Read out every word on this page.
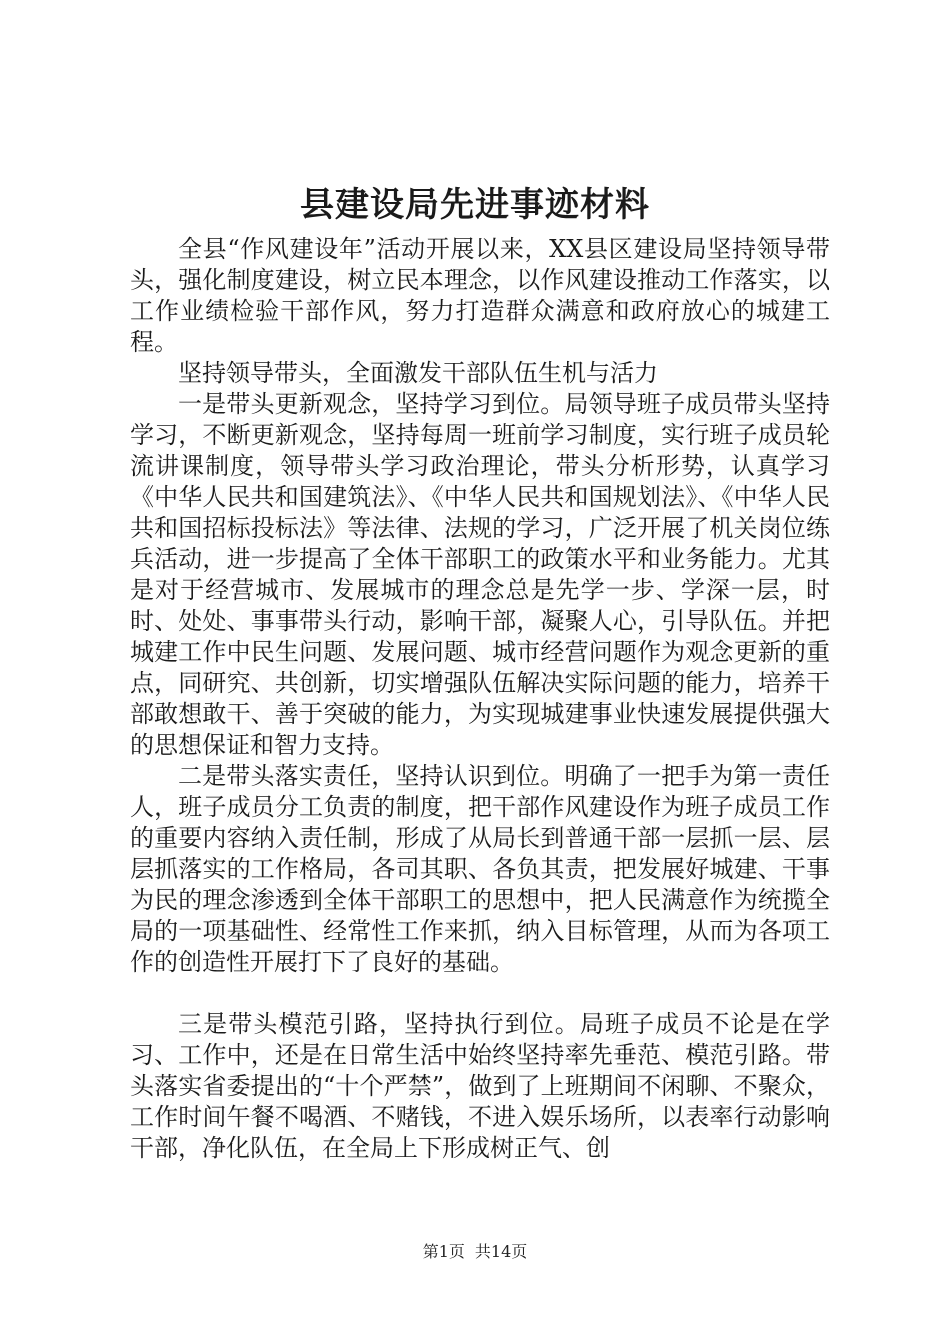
县建设局先进事迹材料

全县“作风建设年”活动开展以来，XX县区建设局坚持领导带头，强化制度建设，树立民本理念，以作风建设推动工作落实，以工作业绩检验干部作风，努力打造群众满意和政府放心的城建工程。

坚持领导带头，全面激发干部队伍生机与活力

一是带头更新观念，坚持学习到位。局领导班子成员带头坚持学习，不断更新观念，坚持每周一班前学习制度，实行班子成员轮流讲课制度，领导带头学习政治理论，带头分析形势，认真学习《中华人民共和国建筑法》、《中华人民共和国规划法》、《中华人民共和国招标投标法》等法律、法规的学习，广泛开展了机关岗位练兵活动，进一步提高了全体干部职工的政策水平和业务能力。尤其是对于经营城市、发展城市的理念总是先学一步、学深一层，时时、处处、事事带头行动，影响干部，凝聚人心，引导队伍。并把城建工作中民生问题、发展问题、城市经营问题作为观念更新的重点，同研究、共创新，切实增强队伍解决实际问题的能力，培养干部敢想敢干、善于突破的能力，为实现城建事业快速发展提供强大的思想保证和智力支持。

二是带头落实责任，坚持认识到位。明确了一把手为第一责任人，班子成员分工负责的制度，把干部作风建设作为班子成员工作的重要内容纳入责任制，形成了从局长到普通干部一层抓一层、层层抓落实的工作格局，各司其职、各负其责，把发展好城建、干事为民的理念渗透到全体干部职工的思想中，把人民满意作为统揽全局的一项基础性、经常性工作来抓，纳入目标管理，从而为各项工作的创造性开展打下了良好的基础。

三是带头模范引路，坚持执行到位。局班子成员不论是在学习、工作中，还是在日常生活中始终坚持率先垂范、模范引路。带头落实省委提出的“十个严禁”，做到了上班期间不闲聊、不聚众，工作时间午餐不喝酒、不赌钱，不进入娱乐场所，以表率行动影响干部，净化队伍，在全局上下形成树正气、创

第1页 共14页
